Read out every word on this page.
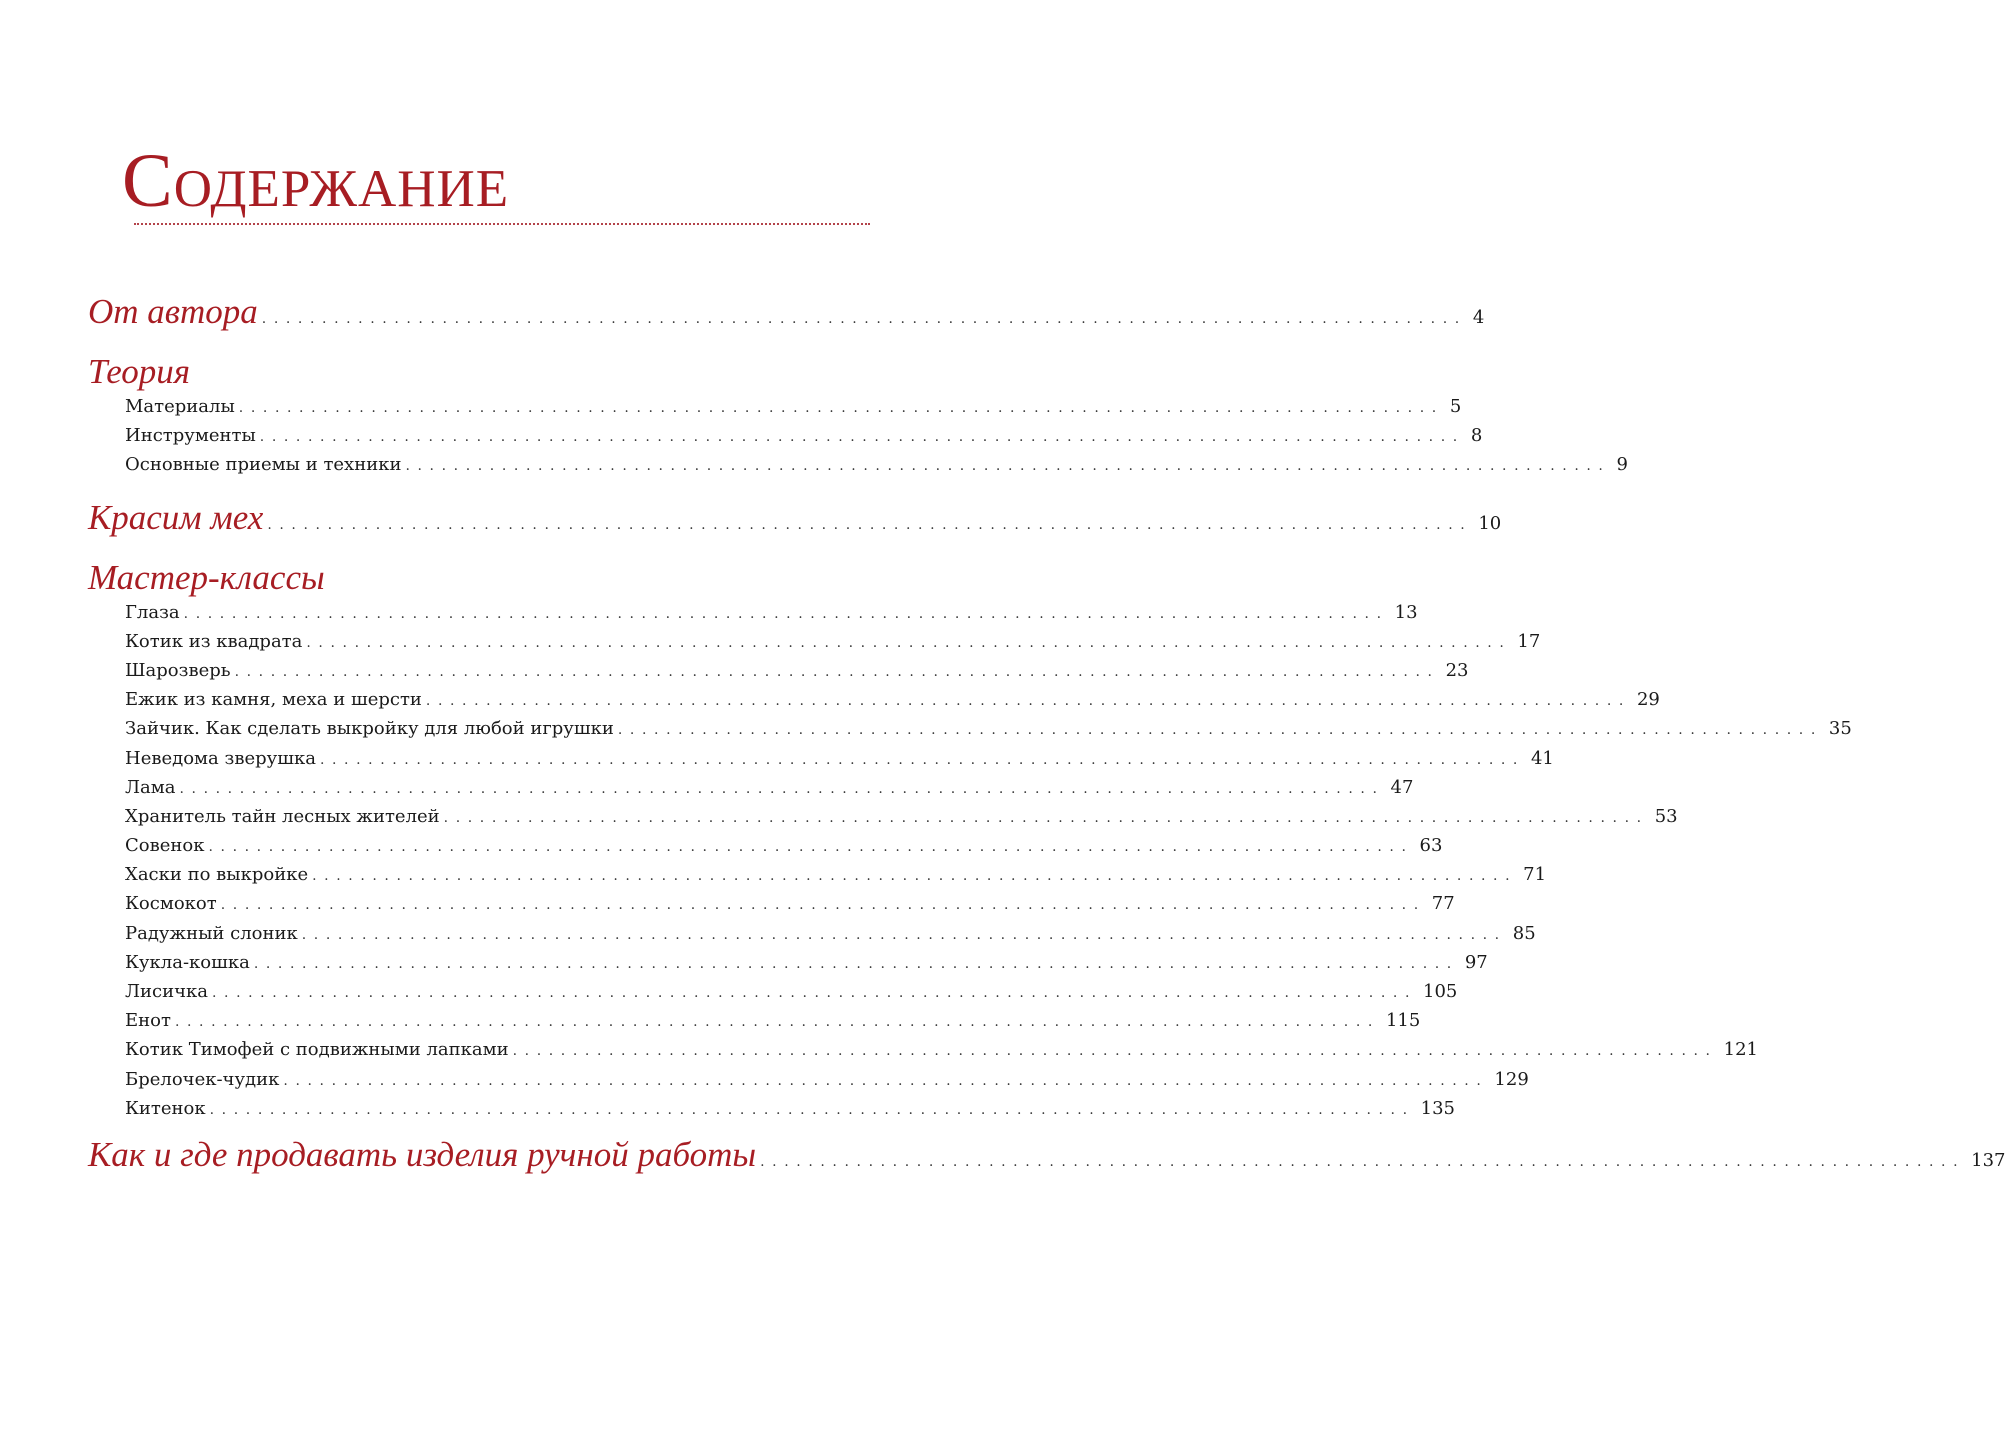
Содержание
От автора .................................................................................................... 4
Теория
Материалы .................................................................................................... 5
Инструменты .................................................................................................... 8
Основные приемы и техники .................................................................................................... 9
Красим мех .................................................................................................... 10
Мастер-классы
Глаза .................................................................................................... 13
Котик из квадрата .................................................................................................... 17
Шарозверь .................................................................................................... 23
Ежик из камня, меха и шерсти .................................................................................................... 29
Зайчик. Как сделать выкройку для любой игрушки .................................................................................................... 35
Неведома зверушка .................................................................................................... 41
Лама .................................................................................................... 47
Хранитель тайн лесных жителей .................................................................................................... 53
Совенок .................................................................................................... 63
Хаски по выкройке .................................................................................................... 71
Космокот .................................................................................................... 77
Радужный слоник .................................................................................................... 85
Кукла-кошка .................................................................................................... 97
Лисичка .................................................................................................... 105
Енот .................................................................................................... 115
Котик Тимофей с подвижными лапками .................................................................................................... 121
Брелочек-чудик .................................................................................................... 129
Китенок .................................................................................................... 135
Как и где продавать изделия ручной работы .................................................................................................... 137
